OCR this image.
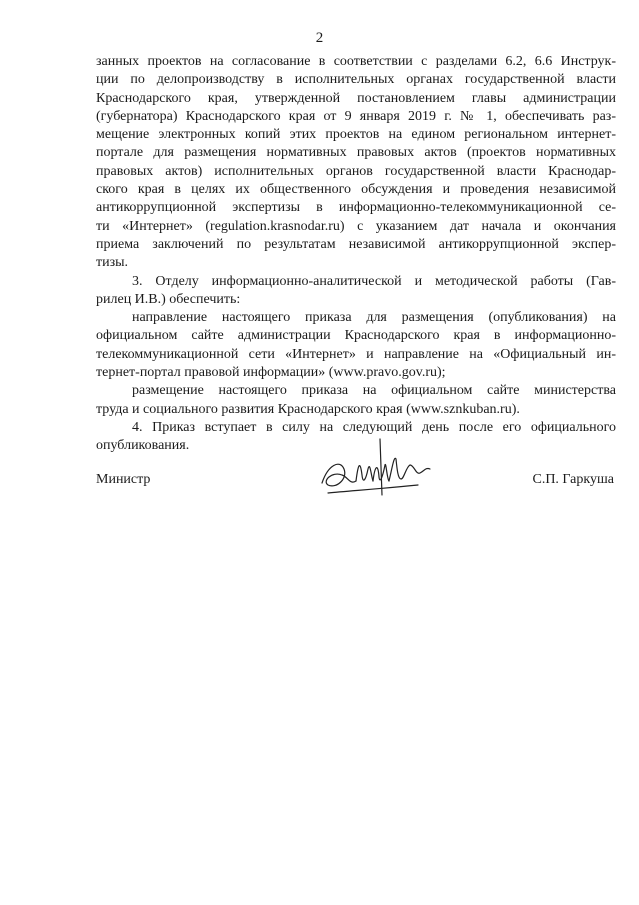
2
занных проектов на согласование в соответствии с разделами 6.2, 6.6 Инструк-
ции по делопроизводству в исполнительных органах государственной власти
Краснодарского края, утвержденной постановлением главы администрации
(губернатора) Краснодарского края от 9 января 2019 г. № 1, обеспечивать раз-
мещение электронных копий этих проектов на едином региональном интернет-
портале для размещения нормативных правовых актов (проектов нормативных
правовых актов) исполнительных органов государственной власти Краснодар-
ского края в целях их общественного обсуждения и проведения независимой
антикоррупционной экспертизы в информационно-телекоммуникационной се-
ти «Интернет» (regulation.krasnodar.ru) с указанием дат начала и окончания
приема заключений по результатам независимой антикоррупционной экспер-
тизы.
3. Отделу информационно-аналитической и методической работы (Гав-
рилец И.В.) обеспечить:
направление настоящего приказа для размещения (опубликования) на
официальном сайте администрации Краснодарского края в информационно-
телекоммуникационной сети «Интернет» и направление на «Официальный ин-
тернет-портал правовой информации» (www.pravo.gov.ru);
размещение настоящего приказа на официальном сайте министерства
труда и социального развития Краснодарского края (www.sznkuban.ru).
4. Приказ вступает в силу на следующий день после его официального
опубликования.
Министр	С.П. Гаркуша
